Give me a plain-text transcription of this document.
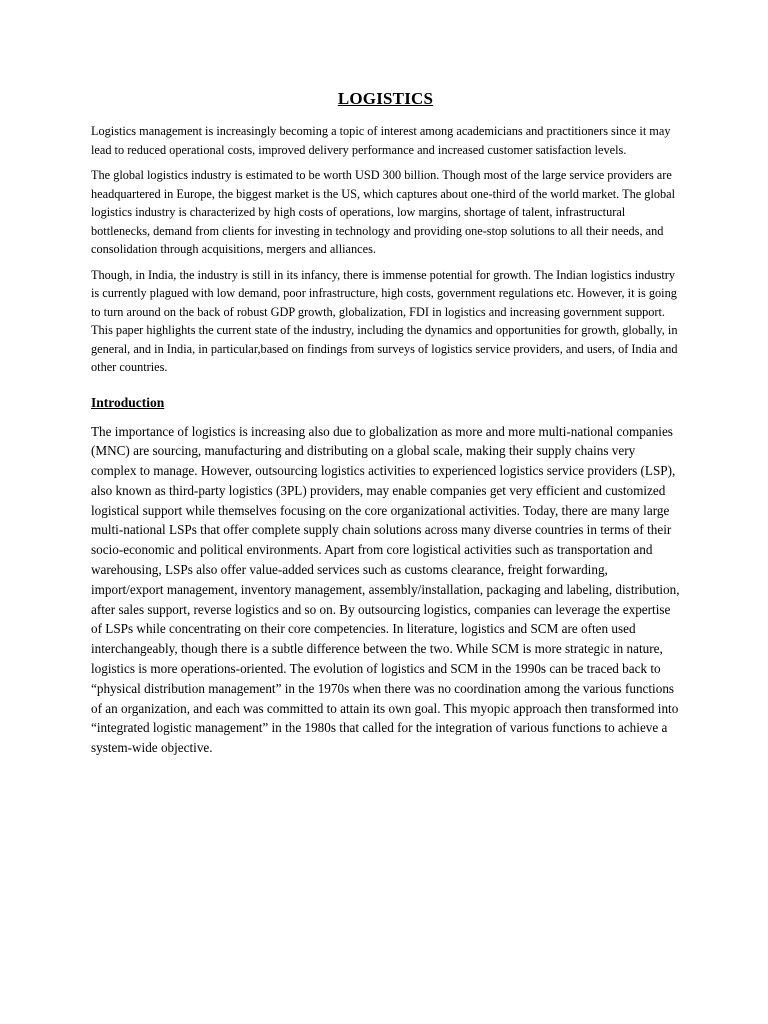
LOGISTICS

Logistics management is increasingly becoming a topic of interest among academicians and practitioners since it may lead to reduced operational costs, improved delivery performance and increased customer satisfaction levels.

The global logistics industry is estimated to be worth USD 300 billion. Though most of the large service providers are headquartered in Europe, the biggest market is the US, which captures about one-third of the world market. The global logistics industry is characterized by high costs of operations, low margins, shortage of talent, infrastructural bottlenecks, demand from clients for investing in technology and providing one-stop solutions to all their needs, and consolidation through acquisitions, mergers and alliances.

Though, in India, the industry is still in its infancy, there is immense potential for growth. The Indian logistics industry is currently plagued with low demand, poor infrastructure, high costs, government regulations etc. However, it is going to turn around on the back of robust GDP growth, globalization, FDI in logistics and increasing government support. This paper highlights the current state of the industry, including the dynamics and opportunities for growth, globally, in general, and in India, in particular,based on findings from surveys of logistics service providers, and users, of India and other countries.

Introduction

The importance of logistics is increasing also due to globalization as more and more multi-national companies (MNC) are sourcing, manufacturing and distributing on a global scale, making their supply chains very complex to manage. However, outsourcing logistics activities to experienced logistics service providers (LSP), also known as third-party logistics (3PL) providers, may enable companies get very efficient and customized logistical support while themselves focusing on the core organizational activities. Today, there are many large multi-national LSPs that offer complete supply chain solutions across many diverse countries in terms of their socio-economic and political environments. Apart from core logistical activities such as transportation and warehousing, LSPs also offer value-added services such as customs clearance, freight forwarding, import/export management, inventory management, assembly/installation, packaging and labeling, distribution, after sales support, reverse logistics and so on. By outsourcing logistics, companies can leverage the expertise of LSPs while concentrating on their core competencies. In literature, logistics and SCM are often used interchangeably, though there is a subtle difference between the two. While SCM is more strategic in nature, logistics is more operations-oriented. The evolution of logistics and SCM in the 1990s can be traced back to “physical distribution management” in the 1970s when there was no coordination among the various functions of an organization, and each was committed to attain its own goal. This myopic approach then transformed into “integrated logistic management” in the 1980s that called for the integration of various functions to achieve a system-wide objective.
